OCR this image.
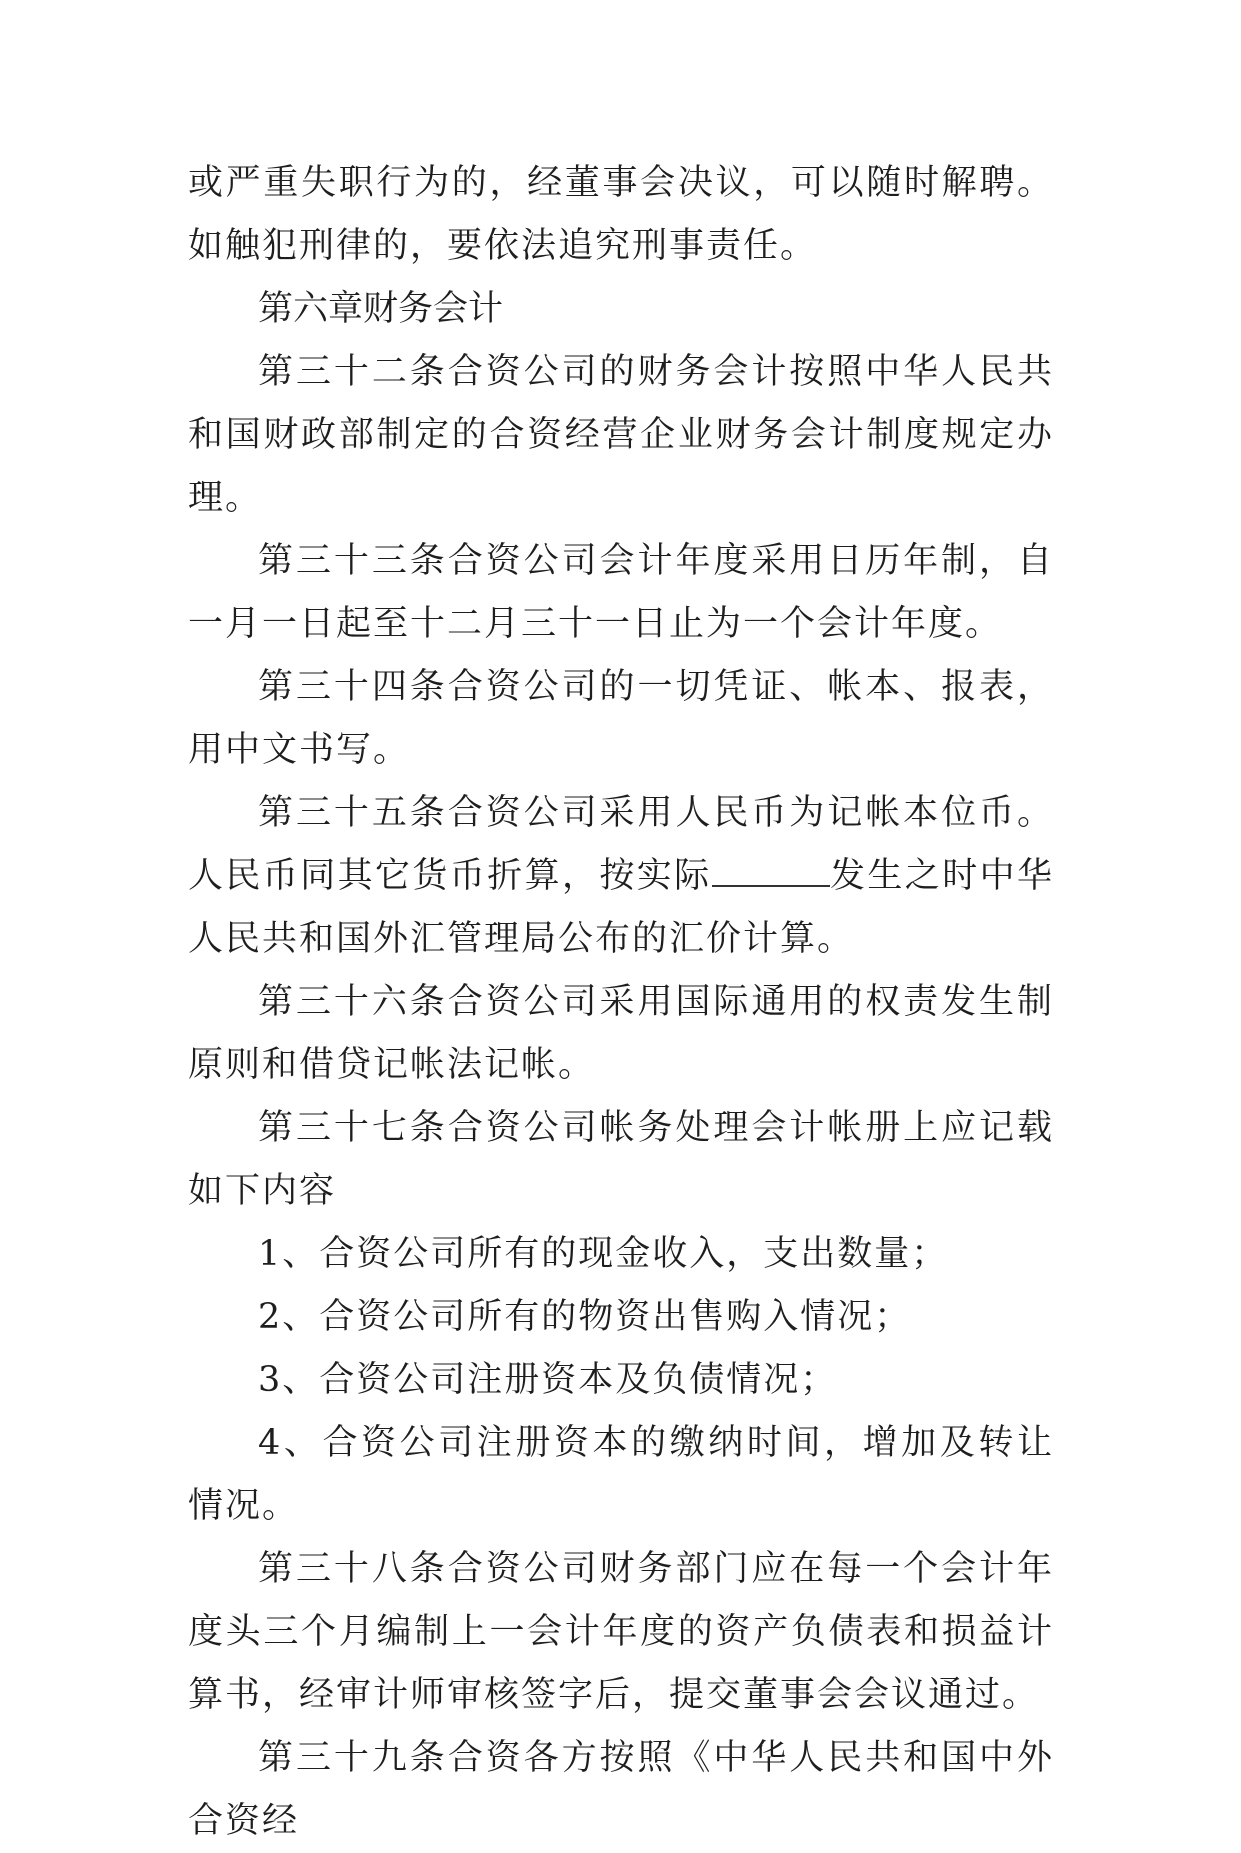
或严重失职行为的，经董事会决议，可以随时解聘。如触犯刑律的，要依法追究刑事责任。

第六章财务会计

第三十二条合资公司的财务会计按照中华人民共和国财政部制定的合资经营企业财务会计制度规定办理。

第三十三条合资公司会计年度采用日历年制，自一月一日起至十二月三十一日止为一个会计年度。

第三十四条合资公司的一切凭证、帐本、报表，用中文书写。

第三十五条合资公司采用人民币为记帐本位币。人民币同其它货币折算，按实际	发生之时中华人民共和国外汇管理局公布的汇价计算。

第三十六条合资公司采用国际通用的权责发生制原则和借贷记帐法记帐。

第三十七条合资公司帐务处理会计帐册上应记载如下内容

1、合资公司所有的现金收入，支出数量；

2、合资公司所有的物资出售购入情况；

3、合资公司注册资本及负债情况；

4、合资公司注册资本的缴纳时间，增加及转让情况。

第三十八条合资公司财务部门应在每一个会计年度头三个月编制上一会计年度的资产负债表和损益计算书，经审计师审核签字后，提交董事会会议通过。

第三十九条合资各方按照《中华人民共和国中外合资经
